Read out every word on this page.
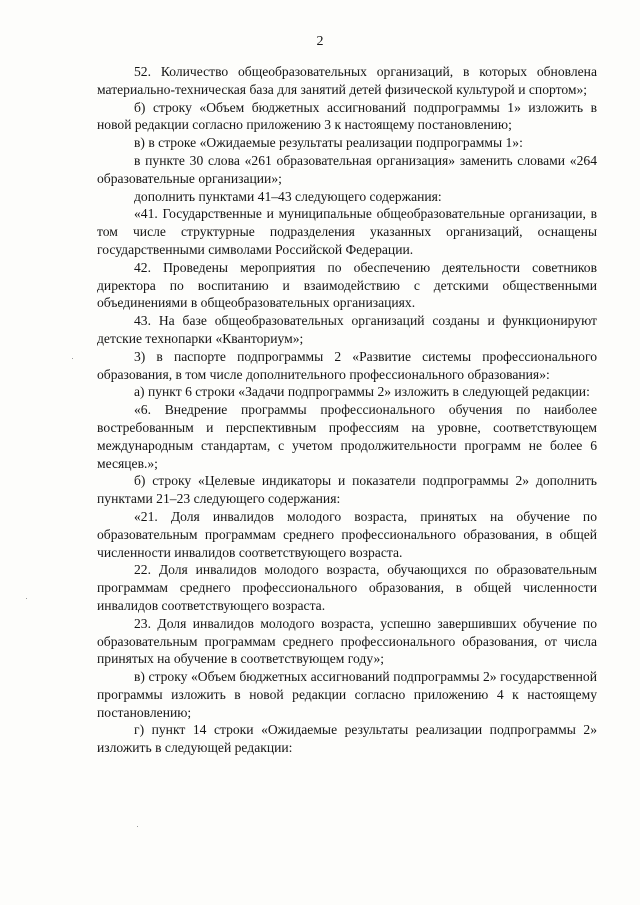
2

52. Количество общеобразовательных организаций, в которых обновлена материально-техническая база для занятий детей физической культурой и спортом»;

б) строку «Объем бюджетных ассигнований подпрограммы 1» изложить в новой редакции согласно приложению 3 к настоящему постановлению;

в) в строке «Ожидаемые результаты реализации подпрограммы 1»:

в пункте 30 слова «261 образовательная организация» заменить словами «264 образовательные организации»;

дополнить пунктами 41–43 следующего содержания:

«41. Государственные и муниципальные общеобразовательные организации, в том числе структурные подразделения указанных организаций, оснащены государственными символами Российской Федерации.

42. Проведены мероприятия по обеспечению деятельности советников директора по воспитанию и взаимодействию с детскими общественными объединениями в общеобразовательных организациях.

43. На базе общеобразовательных организаций созданы и функционируют детские технопарки «Кванториум»;

3) в паспорте подпрограммы 2 «Развитие системы профессионального образования, в том числе дополнительного профессионального образования»:

а) пункт 6 строки «Задачи подпрограммы 2» изложить в следующей редакции:

«6. Внедрение программы профессионального обучения по наиболее востребованным и перспективным профессиям на уровне, соответствующем международным стандартам, с учетом продолжительности программ не более 6 месяцев.»;

б) строку «Целевые индикаторы и показатели подпрограммы 2» дополнить пунктами 21–23 следующего содержания:

«21. Доля инвалидов молодого возраста, принятых на обучение по образовательным программам среднего профессионального образования, в общей численности инвалидов соответствующего возраста.

22. Доля инвалидов молодого возраста, обучающихся по образовательным программам среднего профессионального образования, в общей численности инвалидов соответствующего возраста.

23. Доля инвалидов молодого возраста, успешно завершивших обучение по образовательным программам среднего профессионального образования, от числа принятых на обучение в соответствующем году»;

в) строку «Объем бюджетных ассигнований подпрограммы 2» государственной программы изложить в новой редакции согласно приложению 4 к настоящему постановлению;

г) пункт 14 строки «Ожидаемые результаты реализации подпрограммы 2» изложить в следующей редакции:
